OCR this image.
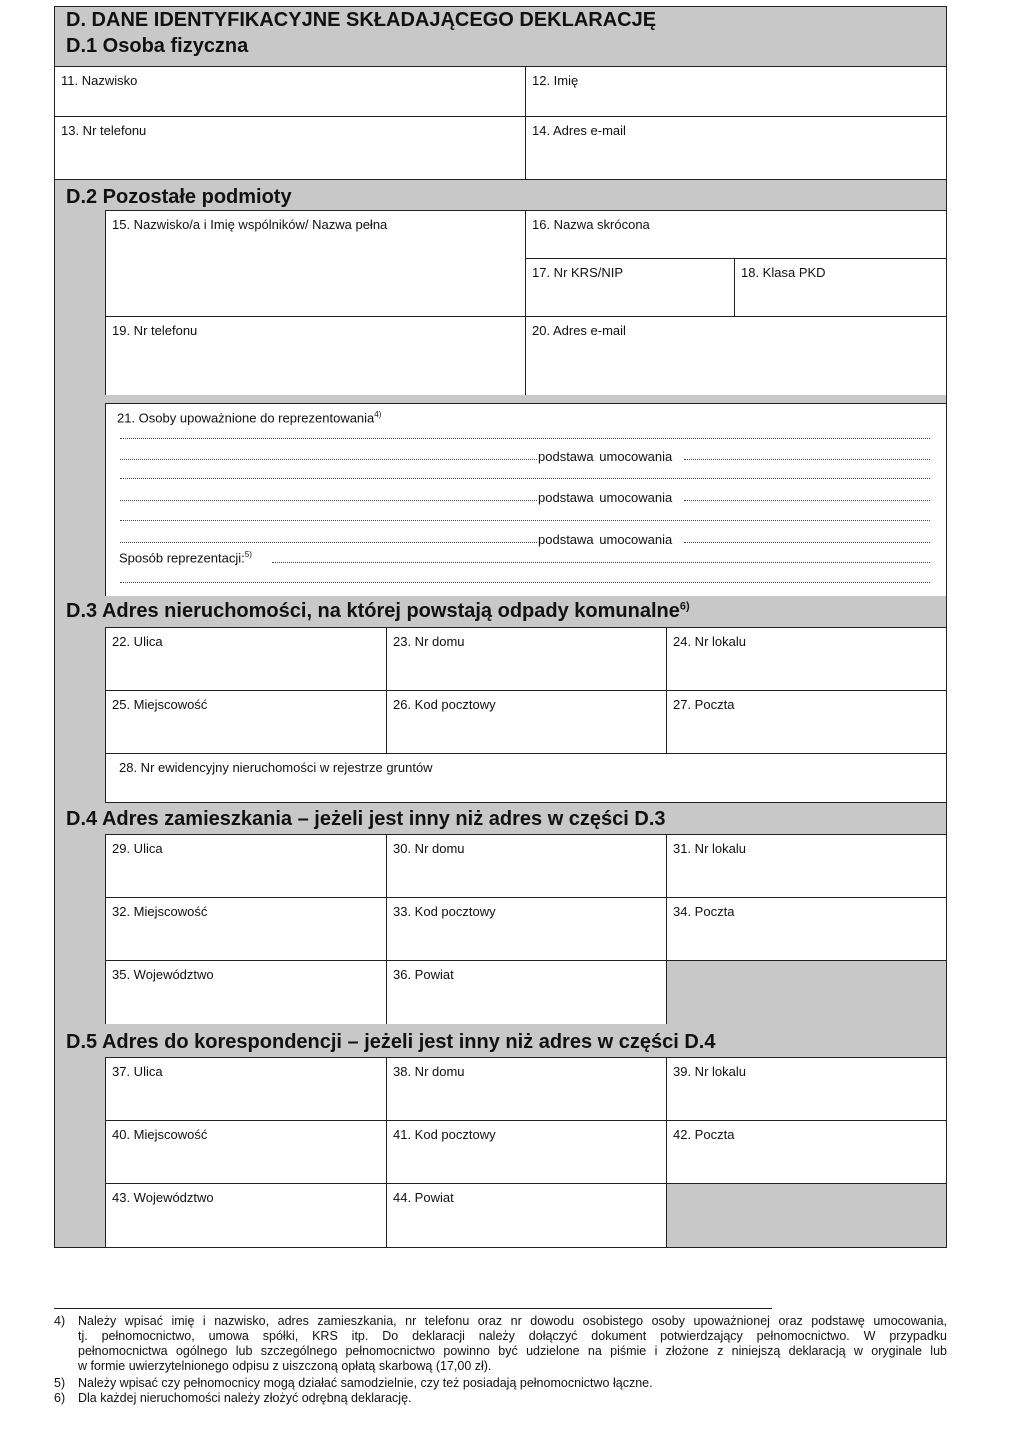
D. DANE IDENTYFIKACYJNE SKŁADAJĄCEGO DEKLARACJĘ
D.1 Osoba fizyczna
11. Nazwisko	12. Imię
13. Nr telefonu	14. Adres e-mail
D.2 Pozostałe podmioty
15. Nazwisko/a i Imię wspólników/ Nazwa pełna	16. Nazwa skrócona
17. Nr KRS/NIP	18. Klasa PKD
19. Nr telefonu	20. Adres e-mail
21. Osoby upoważnione do reprezentowania$^{4)}$
podstawa umocowania
podstawa umocowania
podstawa umocowania
Sposób reprezentacji:$^{5)}$
D.3 Adres nieruchomości, na której powstają odpady komunalne$^{6)}$
22. Ulica	23. Nr domu	24. Nr lokalu
25. Miejscowość	26. Kod pocztowy	27. Poczta
28. Nr ewidencyjny nieruchomości w rejestrze gruntów
D.4 Adres zamieszkania – jeżeli jest inny niż adres w części D.3
29. Ulica	30. Nr domu	31. Nr lokalu
32. Miejscowość	33. Kod pocztowy	34. Poczta
35. Województwo	36. Powiat
D.5 Adres do korespondencji – jeżeli jest inny niż adres w części D.4
37. Ulica	38. Nr domu	39. Nr lokalu
40. Miejscowość	41. Kod pocztowy	42. Poczta
43. Województwo	44. Powiat
4) Należy wpisać imię i nazwisko, adres zamieszkania, nr telefonu oraz nr dowodu osobistego osoby upoważnionej oraz podstawę umocowania,
tj. pełnomocnictwo, umowa spółki, KRS itp. Do deklaracji należy dołączyć dokument potwierdzający pełnomocnictwo. W przypadku
pełnomocnictwa ogólnego lub szczególnego pełnomocnictwo powinno być udzielone na piśmie i złożone z niniejszą deklaracją w oryginale lub
w formie uwierzytelnionego odpisu z uiszczoną opłatą skarbową (17,00 zł).
5) Należy wpisać czy pełnomocnicy mogą działać samodzielnie, czy też posiadają pełnomocnictwo łączne.
6) Dla każdej nieruchomości należy złożyć odrębną deklarację.
